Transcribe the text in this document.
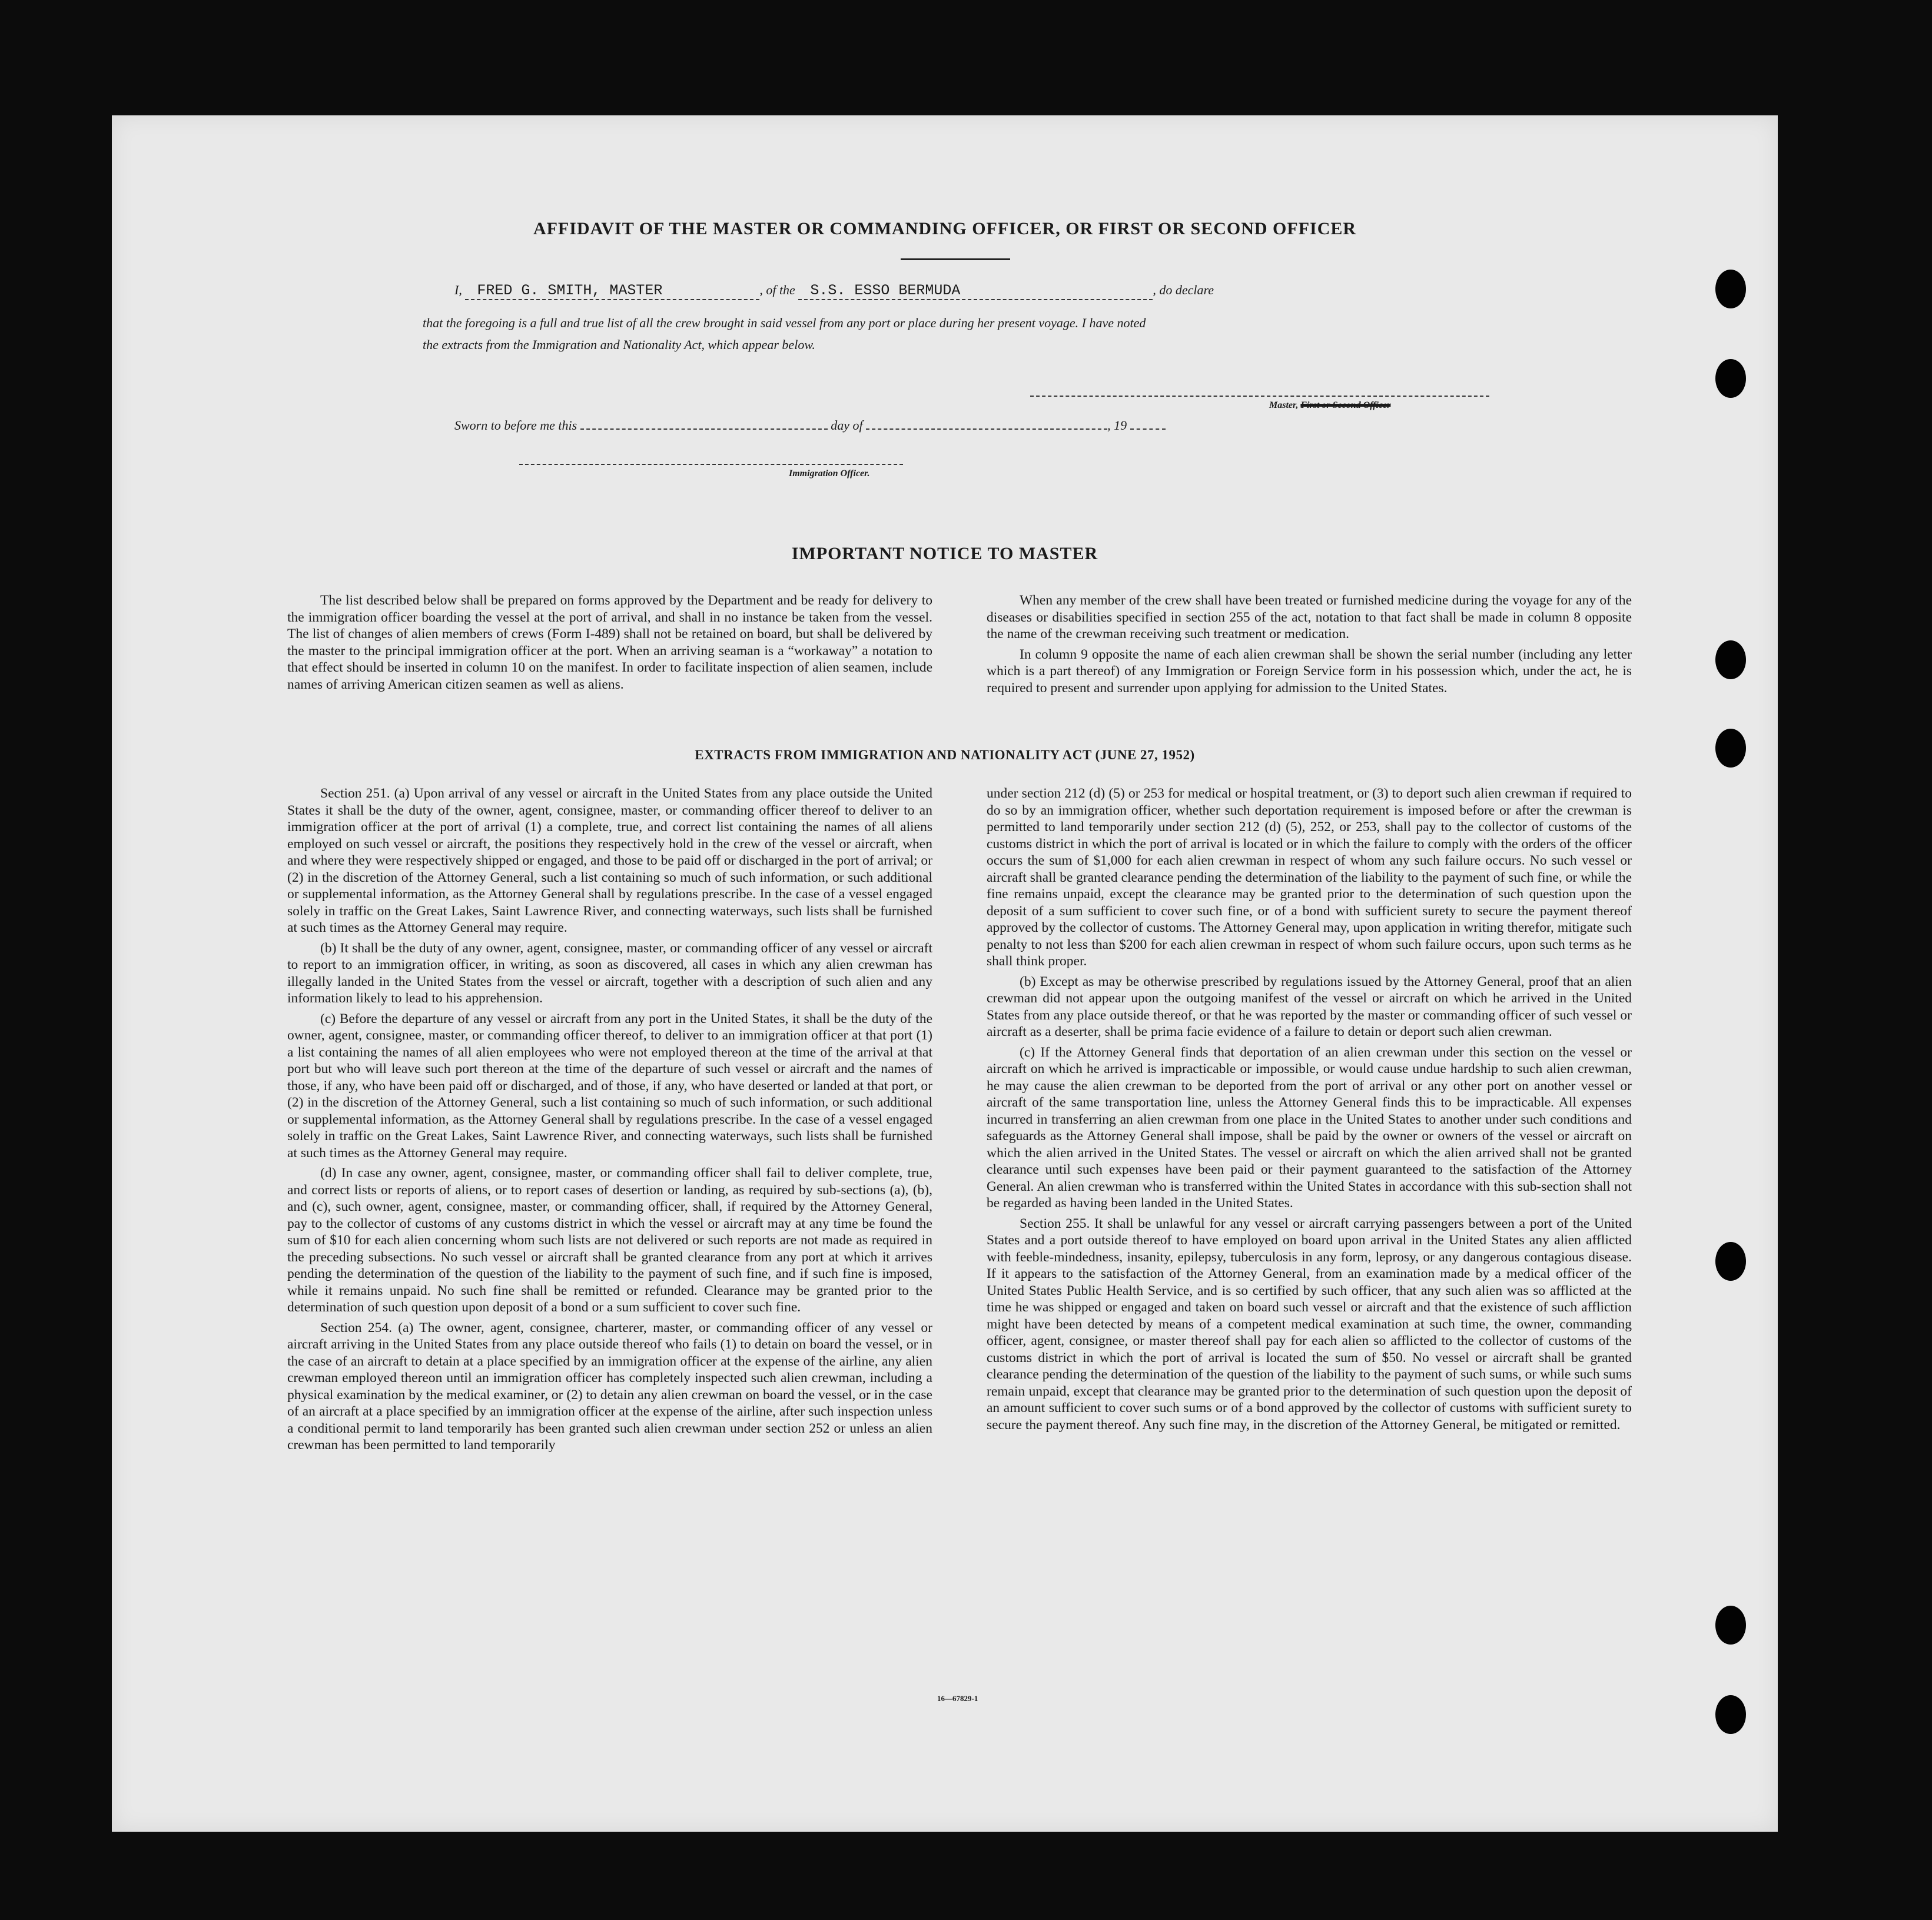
AFFIDAVIT OF THE MASTER OR COMMANDING OFFICER, OR FIRST OR SECOND OFFICER
I, FRED G. SMITH, MASTER	, of the S.S. ESSO BERMUDA	, do declare
that the foregoing is a full and true list of all the crew brought in said vessel from any port or place during her present voyage. I have noted
the extracts from the Immigration and Nationality Act, which appear below.
Master, First or Second Officer
Sworn to before me this	day of	, 19
Immigration Officer.
IMPORTANT NOTICE TO MASTER

The list described below shall be prepared on forms approved by the Department and be ready for delivery to the immigration officer boarding the vessel at the port of arrival, and shall in no instance be taken from the vessel. The list of changes of alien members of crews (Form I-489) shall not be retained on board, but shall be delivered by the master to the principal immigration officer at the port. When an arriving seaman is a “workaway” a notation to that effect should be inserted in column 10 on the manifest. In order to facilitate inspection of alien seamen, include names of arriving American citizen seamen as well as aliens.

When any member of the crew shall have been treated or furnished medicine during the voyage for any of the diseases or disabilities specified in section 255 of the act, notation to that fact shall be made in column 8 opposite the name of the crewman receiving such treatment or medication.

In column 9 opposite the name of each alien crewman shall be shown the serial number (including any letter which is a part thereof) of any Immigration or Foreign Service form in his possession which, under the act, he is required to present and surrender upon applying for admission to the United States.

EXTRACTS FROM IMMIGRATION AND NATIONALITY ACT (JUNE 27, 1952)

Section 251. (a) Upon arrival of any vessel or aircraft in the United States from any place outside the United States it shall be the duty of the owner, agent, consignee, master, or commanding officer thereof to deliver to an immigration officer at the port of arrival (1) a complete, true, and correct list containing the names of all aliens employed on such vessel or aircraft, the positions they respectively hold in the crew of the vessel or aircraft, when and where they were respectively shipped or engaged, and those to be paid off or discharged in the port of arrival; or (2) in the discretion of the Attorney General, such a list containing so much of such information, or such additional or supplemental information, as the Attorney General shall by regulations prescribe. In the case of a vessel engaged solely in traffic on the Great Lakes, Saint Lawrence River, and connecting waterways, such lists shall be furnished at such times as the Attorney General may require.

(b) It shall be the duty of any owner, agent, consignee, master, or commanding officer of any vessel or aircraft to report to an immigration officer, in writing, as soon as discovered, all cases in which any alien crewman has illegally landed in the United States from the vessel or aircraft, together with a description of such alien and any information likely to lead to his apprehension.

(c) Before the departure of any vessel or aircraft from any port in the United States, it shall be the duty of the owner, agent, consignee, master, or commanding officer thereof, to deliver to an immigration officer at that port (1) a list containing the names of all alien employees who were not employed thereon at the time of the arrival at that port but who will leave such port thereon at the time of the departure of such vessel or aircraft and the names of those, if any, who have been paid off or discharged, and of those, if any, who have deserted or landed at that port, or (2) in the discretion of the Attorney General, such a list containing so much of such information, or such additional or supplemental information, as the Attorney General shall by regulations prescribe. In the case of a vessel engaged solely in traffic on the Great Lakes, Saint Lawrence River, and connecting waterways, such lists shall be furnished at such times as the Attorney General may require.

(d) In case any owner, agent, consignee, master, or commanding officer shall fail to deliver complete, true, and correct lists or reports of aliens, or to report cases of desertion or landing, as required by sub-sections (a), (b), and (c), such owner, agent, consignee, master, or commanding officer, shall, if required by the Attorney General, pay to the collector of customs of any customs district in which the vessel or aircraft may at any time be found the sum of $10 for each alien concerning whom such lists are not delivered or such reports are not made as required in the preceding subsections. No such vessel or aircraft shall be granted clearance from any port at which it arrives pending the determination of the question of the liability to the payment of such fine, and if such fine is imposed, while it remains unpaid. No such fine shall be remitted or refunded. Clearance may be granted prior to the determination of such question upon deposit of a bond or a sum sufficient to cover such fine.

Section 254. (a) The owner, agent, consignee, charterer, master, or commanding officer of any vessel or aircraft arriving in the United States from any place outside thereof who fails (1) to detain on board the vessel, or in the case of an aircraft to detain at a place specified by an immigration officer at the expense of the airline, any alien crewman employed thereon until an immigration officer has completely inspected such alien crewman, including a physical examination by the medical examiner, or (2) to detain any alien crewman on board the vessel, or in the case of an aircraft at a place specified by an immigration officer at the expense of the airline, after such inspection unless a conditional permit to land temporarily has been granted such alien crewman under section 252 or unless an alien crewman has been permitted to land temporarily

under section 212 (d) (5) or 253 for medical or hospital treatment, or (3) to deport such alien crewman if required to do so by an immigration officer, whether such deportation requirement is imposed before or after the crewman is permitted to land temporarily under section 212 (d) (5), 252, or 253, shall pay to the collector of customs of the customs district in which the port of arrival is located or in which the failure to comply with the orders of the officer occurs the sum of $1,000 for each alien crewman in respect of whom any such failure occurs. No such vessel or aircraft shall be granted clearance pending the determination of the liability to the payment of such fine, or while the fine remains unpaid, except the clearance may be granted prior to the determination of such question upon the deposit of a sum sufficient to cover such fine, or of a bond with sufficient surety to secure the payment thereof approved by the collector of customs. The Attorney General may, upon application in writing therefor, mitigate such penalty to not less than $200 for each alien crewman in respect of whom such failure occurs, upon such terms as he shall think proper.

(b) Except as may be otherwise prescribed by regulations issued by the Attorney General, proof that an alien crewman did not appear upon the outgoing manifest of the vessel or aircraft on which he arrived in the United States from any place outside thereof, or that he was reported by the master or commanding officer of such vessel or aircraft as a deserter, shall be prima facie evidence of a failure to detain or deport such alien crewman.

(c) If the Attorney General finds that deportation of an alien crewman under this section on the vessel or aircraft on which he arrived is impracticable or impossible, or would cause undue hardship to such alien crewman, he may cause the alien crewman to be deported from the port of arrival or any other port on another vessel or aircraft of the same transportation line, unless the Attorney General finds this to be impracticable. All expenses incurred in transferring an alien crewman from one place in the United States to another under such conditions and safeguards as the Attorney General shall impose, shall be paid by the owner or owners of the vessel or aircraft on which the alien arrived in the United States. The vessel or aircraft on which the alien arrived shall not be granted clearance until such expenses have been paid or their payment guaranteed to the satisfaction of the Attorney General. An alien crewman who is transferred within the United States in accordance with this sub-section shall not be regarded as having been landed in the United States.

Section 255. It shall be unlawful for any vessel or aircraft carrying passengers between a port of the United States and a port outside thereof to have employed on board upon arrival in the United States any alien afflicted with feeble-mindedness, insanity, epilepsy, tuberculosis in any form, leprosy, or any dangerous contagious disease. If it appears to the satisfaction of the Attorney General, from an examination made by a medical officer of the United States Public Health Service, and is so certified by such officer, that any such alien was so afflicted at the time he was shipped or engaged and taken on board such vessel or aircraft and that the existence of such affliction might have been detected by means of a competent medical examination at such time, the owner, commanding officer, agent, consignee, or master thereof shall pay for each alien so afflicted to the collector of customs of the customs district in which the port of arrival is located the sum of $50. No vessel or aircraft shall be granted clearance pending the determination of the question of the liability to the payment of such sums, or while such sums remain unpaid, except that clearance may be granted prior to the determination of such question upon the deposit of an amount sufficient to cover such sums or of a bond approved by the collector of customs with sufficient surety to secure the payment thereof. Any such fine may, in the discretion of the Attorney General, be mitigated or remitted.

16—67829-1
